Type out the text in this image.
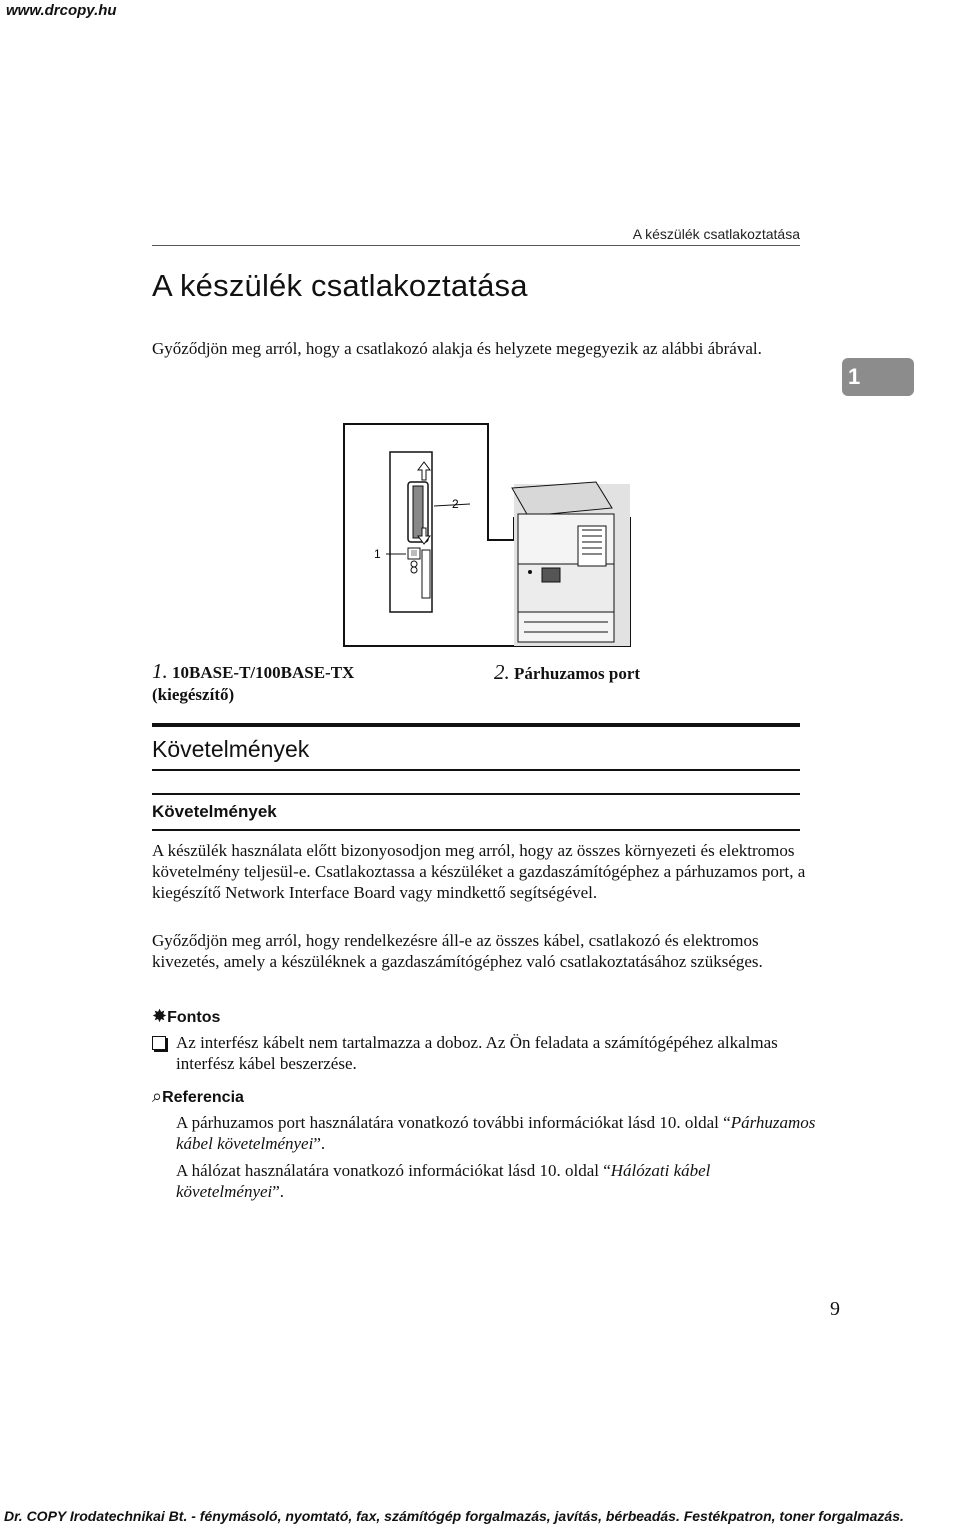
www.drcopy.hu
A készülék csatlakoztatása
1
A készülék csatlakoztatása
Győződjön meg arról, hogy a csatlakozó alakja és helyzete megegyezik az alábbi ábrával.
2
1
1. 10BASE-T/100BASE-TX
(kiegészítő)
2. Párhuzamos port
Követelmények
Követelmények
A készülék használata előtt bizonyosodjon meg arról, hogy az összes környezeti és elektromos követelmény teljesül-e. Csatlakoztassa a készüléket a gazdaszámítógéphez a párhuzamos port, a kiegészítő Network Interface Board vagy mindkettő segítségével.
Győződjön meg arról, hogy rendelkezésre áll-e az összes kábel, csatlakozó és elektromos kivezetés, amely a készüléknek a gazdaszámítógéphez való csatlakoztatásához szükséges.
✸Fontos
Az interfész kábelt nem tartalmazza a doboz. Az Ön feladata a számítógépéhez alkalmas interfész kábel beszerzése.
⌕Referencia
A párhuzamos port használatára vonatkozó további információkat lásd 10. oldal “Párhuzamos kábel követelményei”.
A hálózat használatára vonatkozó információkat lásd 10. oldal “Hálózati kábel követelményei”.
9
Dr. COPY Irodatechnikai Bt. - fénymásoló, nyomtató, fax, számítógép forgalmazás, javítás, bérbeadás. Festékpatron, toner forgalmazás.
